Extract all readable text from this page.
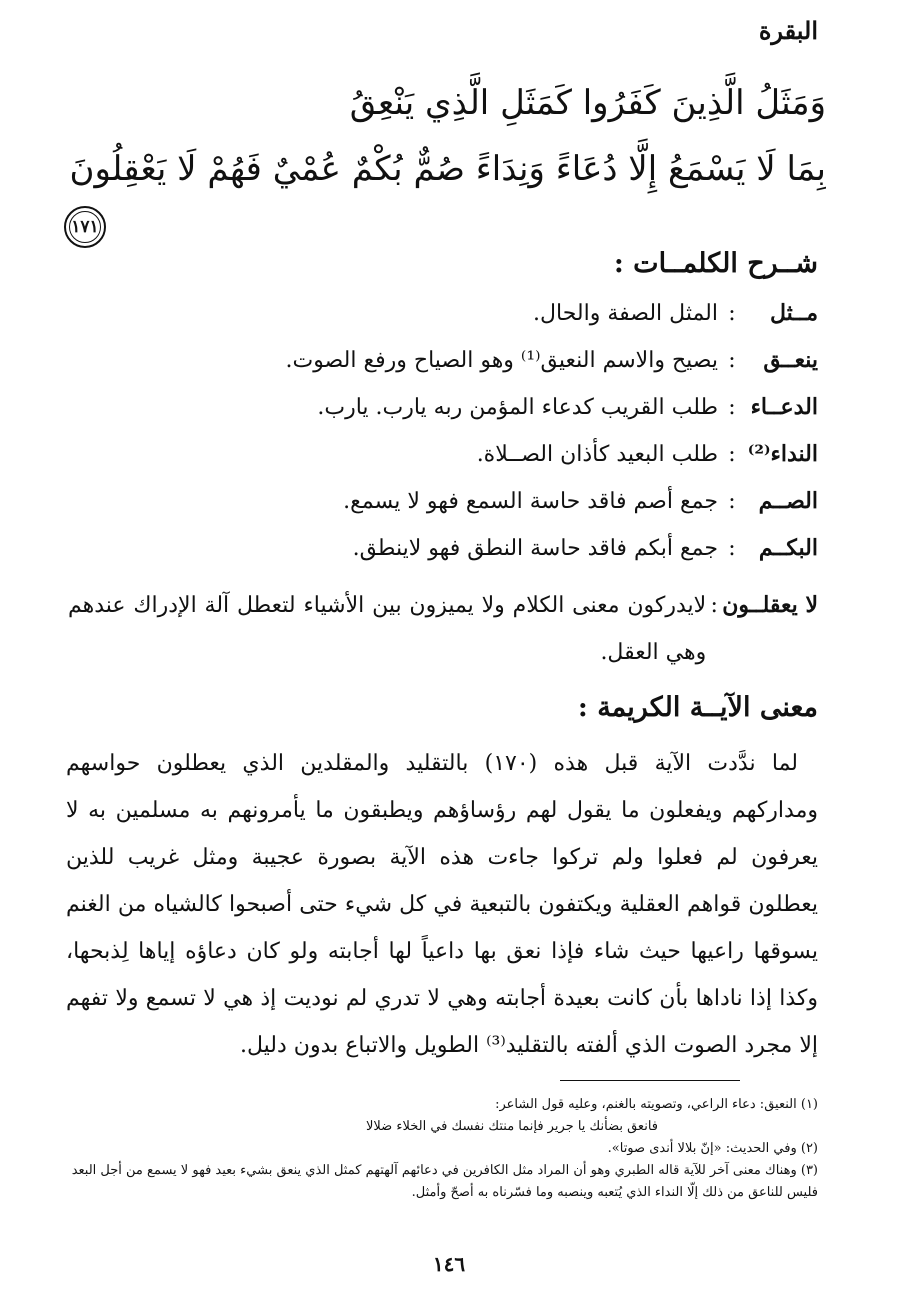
البقرة
وَمَثَلُ الَّذِينَ كَفَرُوا كَمَثَلِ الَّذِي يَنْعِقُ
بِمَا لَا يَسْمَعُ إِلَّا دُعَاءً وَنِدَاءً صُمٌّ بُكْمٌ عُمْيٌ فَهُمْ لَا يَعْقِلُونَ
١٧١
شــرح الكلمــات :
مــثل
:
المثل الصفة والحال.
ينعــق
:
يصيح والاسم النعيق⁽¹⁾ وهو الصياح ورفع الصوت.
الدعــاء
:
طلب القريب كدعاء المؤمن ربه يارب. يارب.
النداء⁽²⁾
:
طلب البعيد كأذان الصــلاة.
الصــم
:
جمع أصم فاقد حاسة السمع فهو لا يسمع.
البكــم
:
جمع أبكم فاقد حاسة النطق فهو لاينطق.
لا يعقلــون
:
لايدركون معنى الكلام ولا يميزون بين الأشياء لتعطل آلة الإدراك عندهم وهي العقل.
معنى الآيــة الكريمة :

لما ندَّدت الآية قبل هذه (١٧٠) بالتقليد والمقلدين الذي يعطلون حواسهم ومداركهم ويفعلون ما يقول لهم رؤساؤهم ويطبقون ما يأمرونهم به مسلمين به لا يعرفون لم فعلوا ولم تركوا جاءت هذه الآية بصورة عجيبة ومثل غريب للذين يعطلون قواهم العقلية ويكتفون بالتبعية في كل شيء حتى أصبحوا كالشياه من الغنم يسوقها راعيها حيث شاء فإذا نعق بها داعياً لها أجابته ولو كان دعاؤه إياها لِذبحها، وكذا إذا ناداها بأن كانت بعيدة أجابته وهي لا تدري لم نوديت إذ هي لا تسمع ولا تفهم إلا مجرد الصوت الذي ألفته بالتقليد⁽³⁾ الطويل والاتباع بدون دليل.

(١) النعيق: دعاء الراعي، وتصويته بالغنم، وعليه قول الشاعر:
فانعق بضأنك يا جرير فإنما منتك نفسك في الخلاء ضلالا
(٢) وفي الحديث: «إنّ بلالا أندى صوتا».
(٣) وهناك معنى آخر للآية قاله الطبري وهو أن المراد مثل الكافرين في دعائهم آلهتهم كمثل الذي ينعق بشيء بعيد فهو لا يسمع من أجل البعد فليس للناعق من ذلك إلّا النداء الذي يُتعبه وينصبه وما فسّرناه به أصحّ وأمثل.
١٤٦
